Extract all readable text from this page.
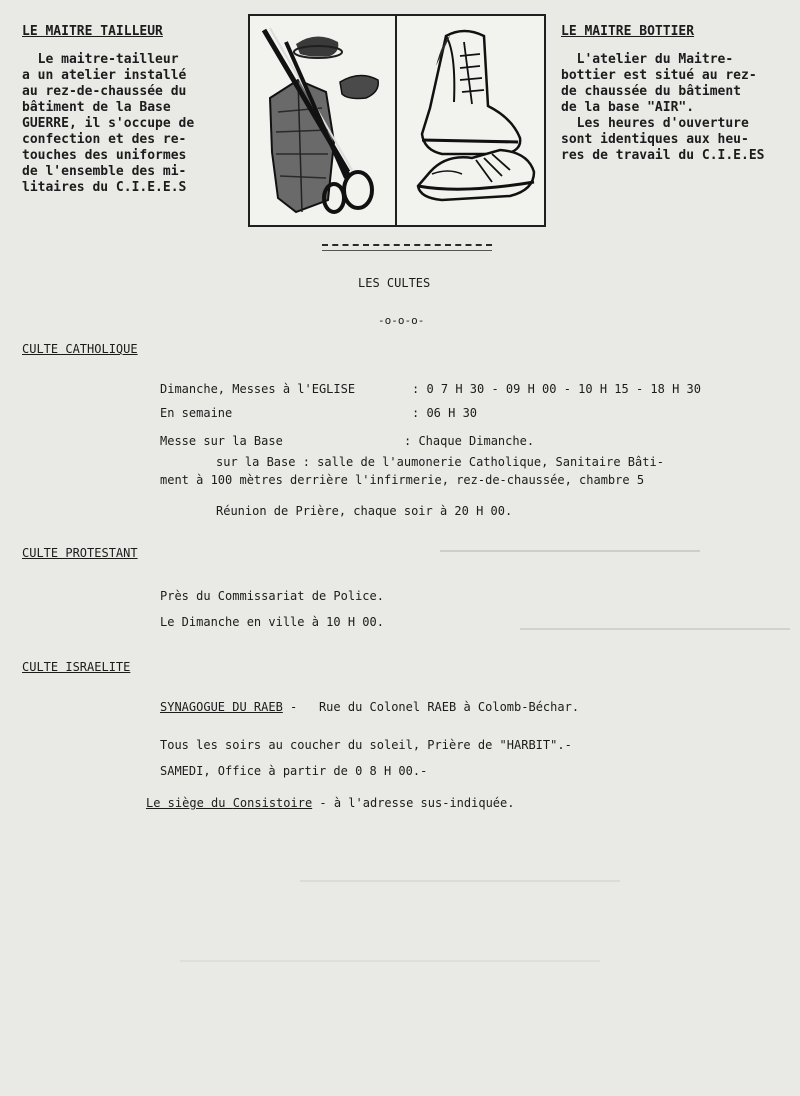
LE MAITRE TAILLEUR
Le maitre-tailleur
a un atelier installé
au rez-de-chaussée du
bâtiment de la Base
GUERRE, il s'occupe de
confection et des re-
touches des uniformes
de l'ensemble des mi-
litaires du C.I.E.E.S
LE MAITRE BOTTIER
L'atelier du Maitre-
bottier est situé au rez-
de chaussée du bâtiment
de la base "AIR".
Les heures d'ouverture
sont identiques aux heu-
res de travail du C.I.E.ES
LES CULTES
-o-o-o-
CULTE CATHOLIQUE
Dimanche, Messes à l'EGLISE	: 0 7 H 30 - 09 H 00 - 10 H 15 - 18 H 30
En semaine	: 06 H 30
Messe sur la Base	: Chaque Dimanche.
sur la Base : salle de l'aumonerie Catholique, Sanitaire Bâti-
ment à 100 mètres derrière l'infirmerie, rez-de-chaussée, chambre 5
Réunion de Prière, chaque soir à 20 H 00.
CULTE PROTESTANT
Près du Commissariat de Police.
Le Dimanche en ville à 10 H 00.
CULTE ISRAELITE
SYNAGOGUE DU RAEB -   Rue du Colonel RAEB à Colomb-Béchar.
Tous les soirs au coucher du soleil, Prière de "HARBIT".-
SAMEDI, Office à partir de 0 8 H 00.-
Le siège du Consistoire - à l'adresse sus-indiquée.
